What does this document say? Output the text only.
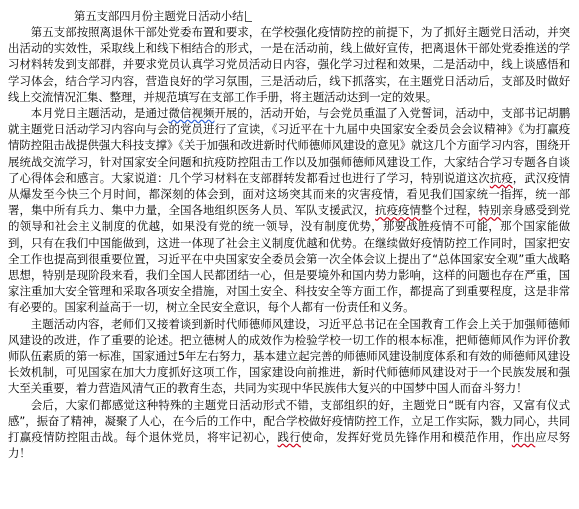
第五支部四月份主题党日活动小结

第五支部按照离退休干部处党委布置和要求，在学校强化疫情防控的前提下，为了抓好主题党日活动，并突出活动的实效性，采取线上和线下相结合的形式，一是在活动前，线上做好宣传，把离退休干部处党委推送的学习材料转发到支部群，并要求党员认真学习党员活动日内容，强化学习过程和效果，二是活动中，线上谈感悟和学习体会，结合学习内容，营造良好的学习氛围，三是活动后，线下抓落实，在主题党日活动后，支部及时做好线上交流情况汇集、整理，并规范填写在支部工作手册，将主题活动达到一定的效果。

本月党日主题活动，是通过微信视频开展的，活动开始，与会党员重温了入党誓词，活动中，支部书记胡鹏就主题党日活动学习内容向与会的党员进行了宣读，《习近平在十九届中央国家安全委员会会议精神》《为打赢疫情防控阻击战提供强大科技支撑》《关于加强和改进新时代师德师风建设的意见》就这几个方面学习内容，围绕开展统战交流学习，针对国家安全问题和抗疫防控阻击工作以及加强师德师风建设工作，大家结合学习专题各自谈了心得体会和感言。大家说道：几个学习材料在支部群转发都看过也进行了学习，特别说道这次抗疫，武汉疫情从爆发至今快三个月时间，都深刻的体会到，面对这场突其而来的灾害疫情，看见我们国家统一指挥，统一部署，集中所有兵力、集中力量，全国各地组织医务人员、军队支援武汉，抗疫疫情整个过程，特别亲身感受到党的领导和社会主义制度的优越，如果没有党的统一领导，没有制度优势，那要战胜疫情不可能，那个国家能做到，只有在我们中国能做到，这进一体现了社会主义制度优越和优势。在继续做好疫情防控工作同时，国家把安全工作也提高到很重要位置，习近平在中央国家安全委员会第一次全体会议上提出了“总体国家安全观”重大战略思想，特别是现阶段来看，我们全国人民都团结一心，但是要境外和国内势力影响，这样的问题也存在严重，国家注重加大安全管理和采取各项安全措施，对国土安全、科技安全等方面工作，都提高了到重要程度，这是非常有必要的。国家利益高于一切，树立全民安全意识，每个人都有一份责任和义务。

主题活动内容，老师们又接着谈到新时代师德师风建设，习近平总书记在全国教育工作会上关于加强师德师风建设的改进，作了重要的论述。把立德树人的成效作为检验学校一切工作的根本标准，把师德师风作为评价教师队伍素质的第一标准，国家通过5年左右努力，基本建立起完善的师德师风建设制度体系和有效的师德师风建设长效机制，可见国家在加大力度抓好这项工作，国家建设向前推进，新时代师德师风建设对于一个民族发展和强大至关重要，着力营造风清气正的教育生态，共同为实现中华民族伟大复兴的中国梦中国人而奋斗努力！

会后，大家们都感觉这种特殊的主题党日活动形式不错，支部组织的好，主题党日“既有内容，又富有仪式感”，振奋了精神，凝聚了人心，在今后的工作中，配合学校做好疫情防控工作，立足工作实际，戮力同心，共同打赢疫情防控阻击战。每个退休党员，将牢记初心，践行使命，发挥好党员先锋作用和模范作用，作出应尽努力！
